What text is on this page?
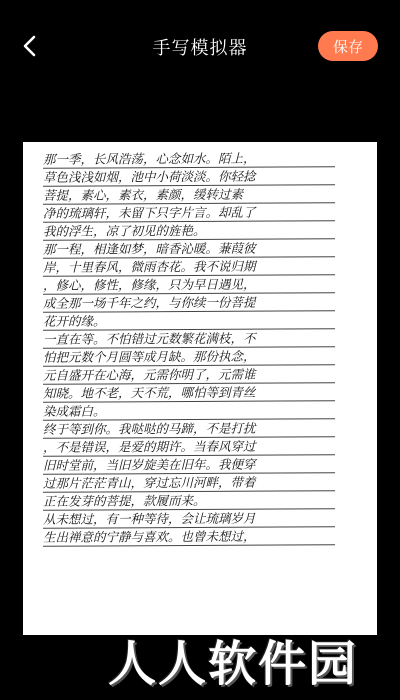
手写模拟器	保存
那一季，长风浩荡，心念如水。陌上，
草色浅浅如烟，池中小荷淡淡。你轻捻
菩提，素心，素衣，素颜，缓转过素
净的琉璃轩，未留下只字片言。却乱了
我的浮生，凉了初见的旌艳。
那一程，相逢如梦，暗香沁暖。蒹葭彼
岸，十里春风，微雨杏花。我不说归期
，修心，修性，修缘，只为早日遇见，
成全那一场千年之约，与你续一份菩提
花开的缘。
一直在等。不怕错过元数繁花满枝，不
怕把元数个月圆等成月缺。那份执念，
元自盛开在心海，元需你明了，元需谁
知晓。地不老，天不荒，哪怕等到青丝
染成霜白。
终于等到你。我哒哒的马蹄，不是打扰
，不是错误，是爱的期许。当春风穿过
旧时堂前，当旧岁旋美在旧年。我便穿
过那片茫茫青山，穿过忘川河畔，带着
正在发芽的菩提，款履而来。
从未想过，有一种等待，会让琉璃岁月
生出禅意的宁静与喜欢。也曾未想过，
人人软件园
